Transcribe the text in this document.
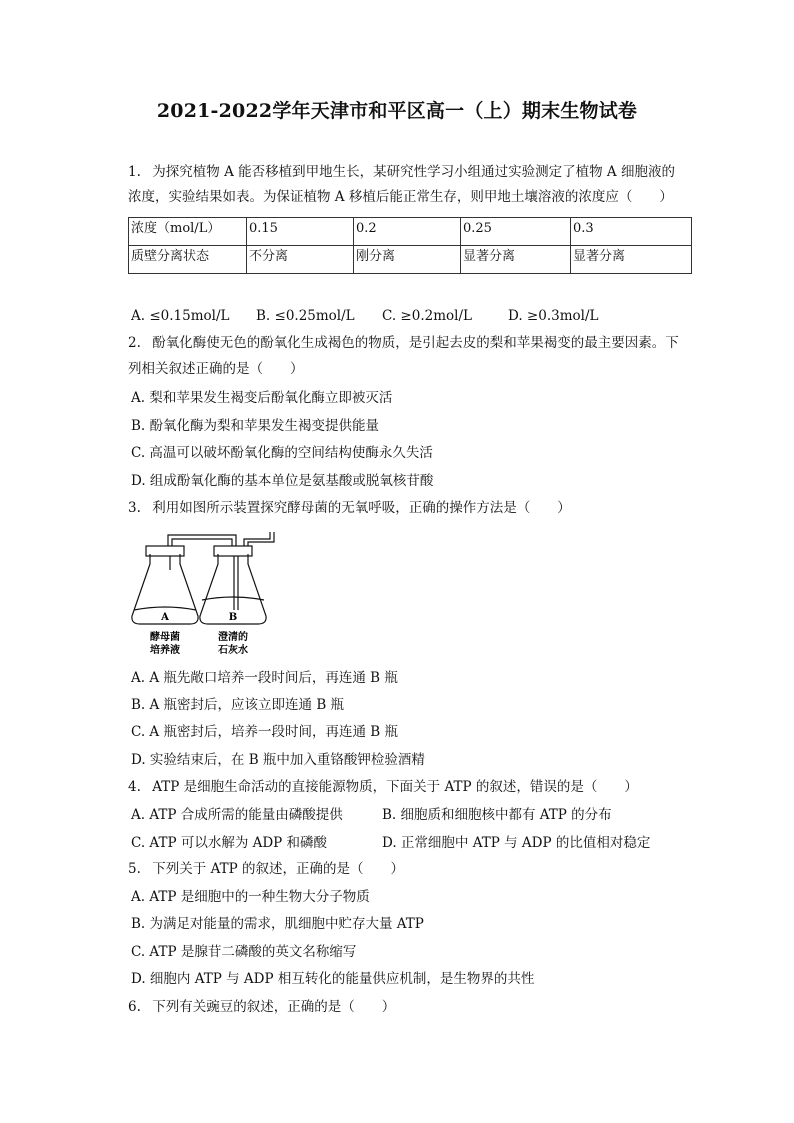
2021-2022学年天津市和平区高一（上）期末生物试卷
1. 为探究植物 A 能否移植到甲地生长，某研究性学习小组通过实验测定了植物 A 细胞液的
浓度，实验结果如表。为保证植物 A 移植后能正常生存，则甲地土壤溶液的浓度应（　　）
浓度（mol/L）	0.15	0.2	0.25	0.3
质壁分离状态	不分离	刚分离	显著分离	显著分离
A. ≤0.15mol/L B. ≤0.25mol/L C. ≥0.2mol/L	D. ≥0.3mol/L
2. 酚氧化酶使无色的酚氧化生成褐色的物质，是引起去皮的梨和苹果褐变的最主要因素。下
列相关叙述正确的是（　　）
A. 梨和苹果发生褐变后酚氧化酶立即被灭活
B. 酚氧化酶为梨和苹果发生褐变提供能量
C. 高温可以破坏酚氧化酶的空间结构使酶永久失活
D. 组成酚氧化酶的基本单位是氨基酸或脱氧核苷酸
3. 利用如图所示装置探究酵母菌的无氧呼吸，正确的操作方法是（　　）
A	B
酵母菌
培养液
澄清的
石灰水
A. A 瓶先敞口培养一段时间后，再连通 B 瓶
B. A 瓶密封后，应该立即连通 B 瓶
C. A 瓶密封后，培养一段时间，再连通 B 瓶
D. 实验结束后，在 B 瓶中加入重铬酸钾检验酒精
4. ATP 是细胞生命活动的直接能源物质，下面关于 ATP 的叙述，错误的是（　　）
A. ATP 合成所需的能量由磷酸提供	B. 细胞质和细胞核中都有 ATP 的分布
C. ATP 可以水解为 ADP 和磷酸	D. 正常细胞中 ATP 与 ADP 的比值相对稳定
5. 下列关于 ATP 的叙述，正确的是（　　）
A. ATP 是细胞中的一种生物大分子物质
B. 为满足对能量的需求，肌细胞中贮存大量 ATP
C. ATP 是腺苷二磷酸的英文名称缩写
D. 细胞内 ATP 与 ADP 相互转化的能量供应机制，是生物界的共性
6. 下列有关豌豆的叙述，正确的是（　　）
